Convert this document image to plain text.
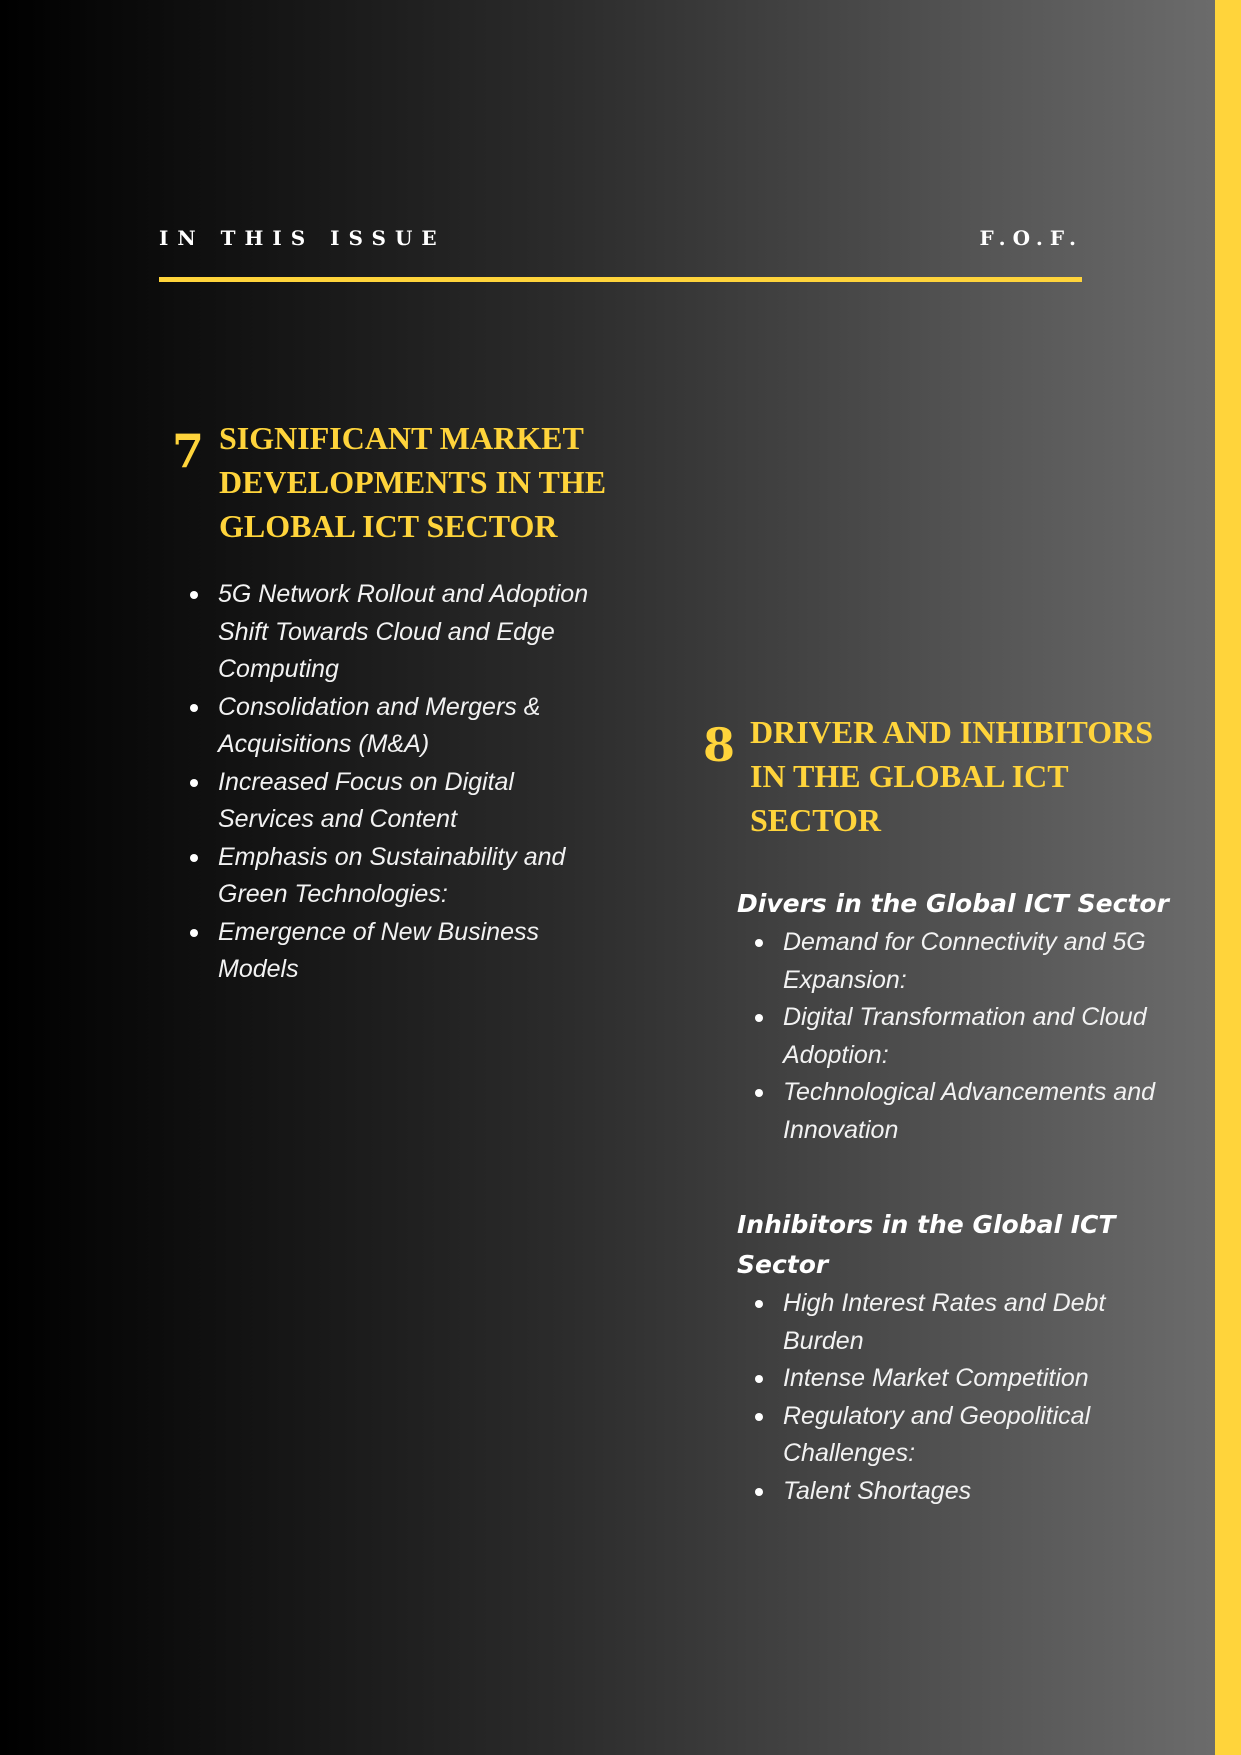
IN THIS ISSUE	F.O.F.
7 SIGNIFICANT MARKET DEVELOPMENTS IN THE GLOBAL ICT SECTOR
5G Network Rollout and Adoption Shift Towards Cloud and Edge Computing
Consolidation and Mergers & Acquisitions (M&A)
Increased Focus on Digital Services and Content
Emphasis on Sustainability and Green Technologies:
Emergence of New Business Models
8 DRIVER AND INHIBITORS IN THE GLOBAL ICT SECTOR
Divers in the Global ICT Sector
Demand for Connectivity and 5G Expansion:
Digital Transformation and Cloud Adoption:
Technological Advancements and Innovation
Inhibitors in the Global ICT Sector
High Interest Rates and Debt Burden
Intense Market Competition
Regulatory and Geopolitical Challenges:
Talent Shortages
